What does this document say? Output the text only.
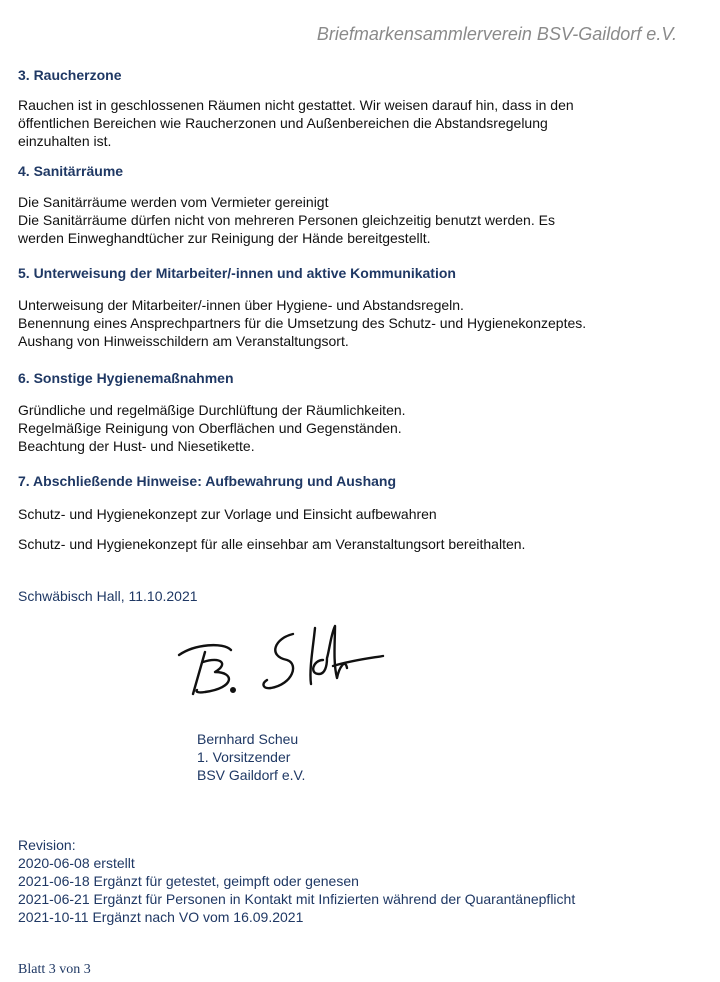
Briefmarkensammlerverein BSV-Gaildorf e.V.
3. Raucherzone
Rauchen ist in geschlossenen Räumen nicht gestattet. Wir weisen darauf hin, dass in den
öffentlichen Bereichen wie Raucherzonen und Außenbereichen die Abstandsregelung
einzuhalten ist.
4. Sanitärräume
Die Sanitärräume werden vom Vermieter gereinigt
Die Sanitärräume dürfen nicht von mehreren Personen gleichzeitig benutzt werden. Es
werden Einweghandtücher zur Reinigung der Hände bereitgestellt.
5. Unterweisung der Mitarbeiter/-innen und aktive Kommunikation
Unterweisung der Mitarbeiter/-innen über Hygiene- und Abstandsregeln.
Benennung eines Ansprechpartners für die Umsetzung des Schutz- und Hygienekonzeptes.
Aushang von Hinweisschildern am Veranstaltungsort.
6. Sonstige Hygienemaßnahmen
Gründliche und regelmäßige Durchlüftung der Räumlichkeiten.
Regelmäßige Reinigung von Oberflächen und Gegenständen.
Beachtung der Hust- und Niesetikette.
7. Abschließende Hinweise: Aufbewahrung und Aushang
Schutz- und Hygienekonzept zur Vorlage und Einsicht aufbewahren
Schutz- und Hygienekonzept für alle einsehbar am Veranstaltungsort bereithalten.
Schwäbisch Hall, 11.10.2021
Bernhard Scheu
1. Vorsitzender
BSV Gaildorf e.V.
Revision:
2020-06-08 erstellt
2021-06-18 Ergänzt für getestet, geimpft oder genesen
2021-06-21 Ergänzt für Personen in Kontakt mit Infizierten während der Quarantänepflicht
2021-10-11 Ergänzt nach VO vom 16.09.2021
Blatt 3 von 3
